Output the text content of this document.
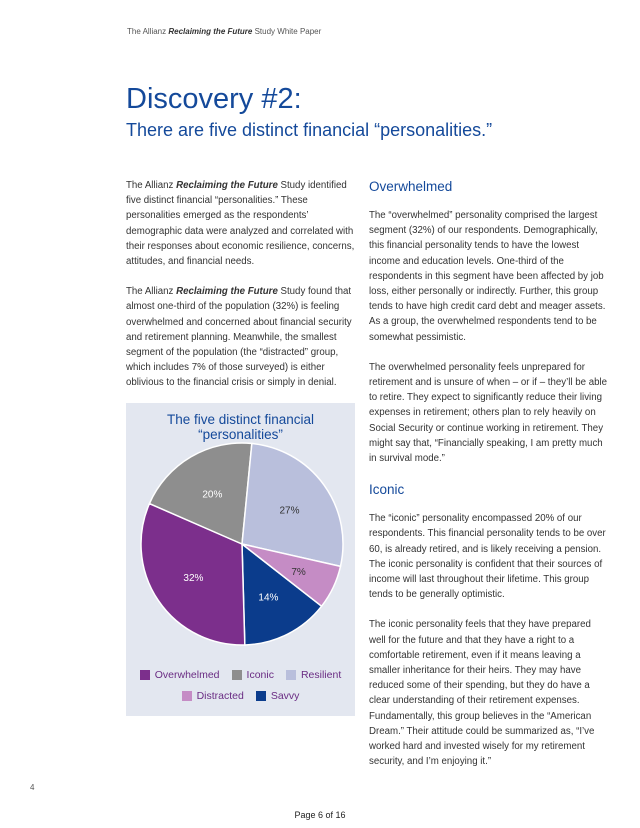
The Allianz Reclaiming the Future Study White Paper
Discovery #2:
There are five distinct financial “personalities.”

The Allianz Reclaiming the Future Study identified five distinct financial “personalities.” These personalities emerged as the respondents’ demographic data were analyzed and correlated with their responses about economic resilience, concerns, attitudes, and financial needs.

The Allianz Reclaiming the Future Study found that almost one-third of the population (32%) is feeling overwhelmed and concerned about financial security and retirement planning. Meanwhile, the smallest segment of the population (the “distracted” group, which includes 7% of those surveyed) is either oblivious to the financial crisis or simply in denial.

The five distinct financial “personalities”
14%
32%
20%
27%
7%
Overwhelmed	Iconic	Resilient
Distracted	Savvy
Overwhelmed

The “overwhelmed” personality comprised the largest segment (32%) of our respondents. Demographically, this financial personality tends to have the lowest income and education levels. One-third of the respondents in this segment have been affected by job loss, either personally or indirectly. Further, this group tends to have high credit card debt and meager assets. As a group, the overwhelmed respondents tend to be somewhat pessimistic.

The overwhelmed personality feels unprepared for retirement and is unsure of when – or if – they’ll be able to retire. They expect to significantly reduce their living expenses in retirement; others plan to rely heavily on Social Security or continue working in retirement. They might say that, “Financially speaking, I am pretty much in survival mode.”

Iconic

The “iconic” personality encompassed 20% of our respondents. This financial personality tends to be over 60, is already retired, and is likely receiving a pension. The iconic personality is confident that their sources of income will last throughout their lifetime. This group tends to be generally optimistic.

The iconic personality feels that they have prepared well for the future and that they have a right to a comfortable retirement, even if it means leaving a smaller inheritance for their heirs. They may have reduced some of their spending, but they do have a clear understanding of their retirement expenses. Fundamentally, this group believes in the “American Dream.” Their attitude could be summarized as, “I’ve worked hard and invested wisely for my retirement security, and I’m enjoying it.”

4
Page 6 of 16
